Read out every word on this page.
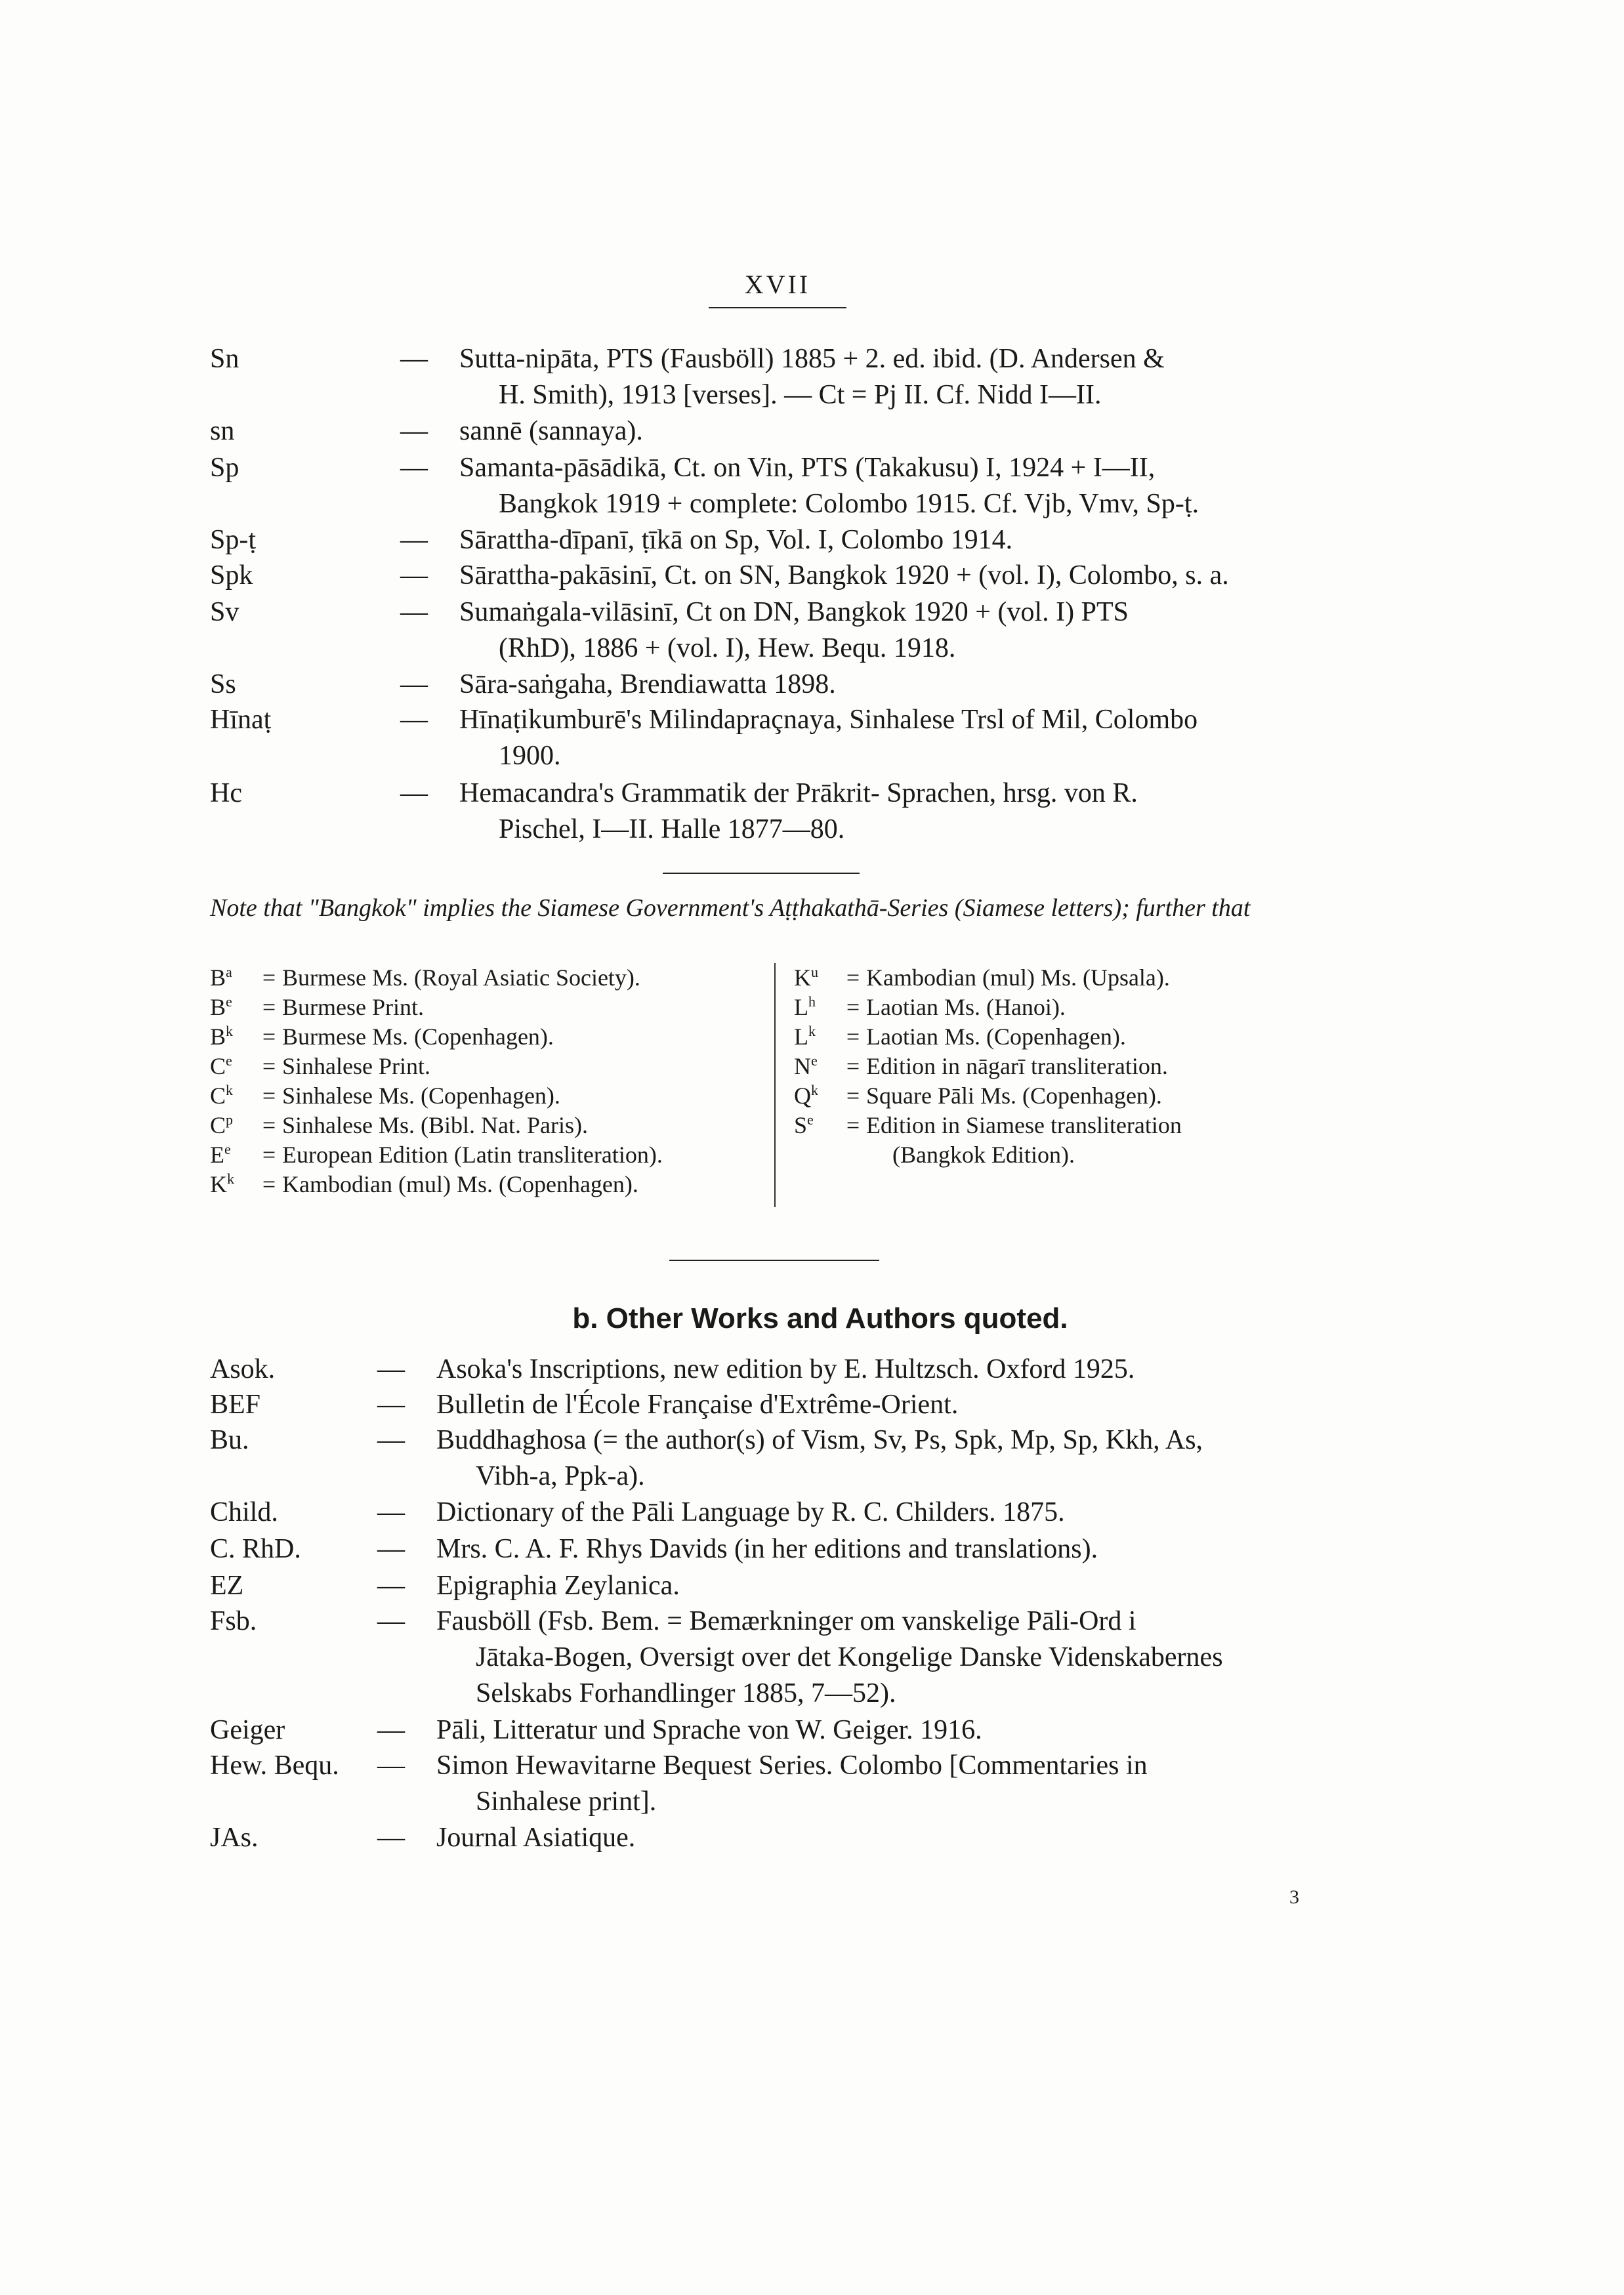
XVII
Sn	— Sutta-nipāta, PTS (Fausböll) 1885 + 2. ed. ibid. (D. Andersen &
H. Smith), 1913 [verses]. — Ct = Pj II. Cf. Nidd I—II.
sn	— sannē (sannaya).
Sp	— Samanta-pāsādikā, Ct. on Vin, PTS (Takakusu) I, 1924 + I—II,
Bangkok 1919 + complete: Colombo 1915. Cf. Vjb, Vmv, Sp-ṭ.
Sp-ṭ	— Sārattha-dīpanī, ṭīkā on Sp, Vol. I, Colombo 1914.
Spk	— Sārattha-pakāsinī, Ct. on SN, Bangkok 1920 + (vol. I), Colombo, s. a.
Sv	— Sumaṅgala-vilāsinī, Ct on DN, Bangkok 1920 + (vol. I) PTS
(RhD), 1886 + (vol. I), Hew. Bequ. 1918.
Ss	— Sāra-saṅgaha, Brendiawatta 1898.
Hīnaṭ	— Hīnaṭikumburē's Milindapraçnaya, Sinhalese Trsl of Mil, Colombo
1900.
Hc	— Hemacandra's Grammatik der Prākrit- Sprachen, hrsg. von R.
Pischel, I—II. Halle 1877—80.
Note that "Bangkok" implies the Siamese Government's Aṭṭhakathā-Series (Siamese letters); further that
$B^a$ = Burmese Ms. (Royal Asiatic Society).
$B^e$ = Burmese Print.
$B^k$ = Burmese Ms. (Copenhagen).
$C^e$ = Sinhalese Print.
$C^k$ = Sinhalese Ms. (Copenhagen).
$C^p$ = Sinhalese Ms. (Bibl. Nat. Paris).
$E^e$ = European Edition (Latin transliteration).
$K^k$ = Kambodian (mul) Ms. (Copenhagen).
$K^u$ = Kambodian (mul) Ms. (Upsala).
$L^h$ = Laotian Ms. (Hanoi).
$L^k$ = Laotian Ms. (Copenhagen).
$N^e$ = Edition in nāgarī transliteration.
$Q^k$ = Square Pāli Ms. (Copenhagen).
$S^e$ = Edition in Siamese transliteration
(Bangkok Edition).
b. Other Works and Authors quoted.
Asok.	— Asoka's Inscriptions, new edition by E. Hultzsch. Oxford 1925.
BEF	— Bulletin de l'École Française d'Extrême-Orient.
Bu.	— Buddhaghosa (= the author(s) of Vism, Sv, Ps, Spk, Mp, Sp, Kkh, As,
Vibh-a, Ppk-a).
Child.	— Dictionary of the Pāli Language by R. C. Childers. 1875.
C. RhD.	— Mrs. C. A. F. Rhys Davids (in her editions and translations).
EZ	— Epigraphia Zeylanica.
Fsb.	— Fausböll (Fsb. Bem. = Bemærkninger om vanskelige Pāli-Ord i
Jātaka-Bogen, Oversigt over det Kongelige Danske Videnskabernes
Selskabs Forhandlinger 1885, 7—52).
Geiger	— Pāli, Litteratur und Sprache von W. Geiger. 1916.
Hew. Bequ. — Simon Hewavitarne Bequest Series. Colombo [Commentaries in
Sinhalese print].
JAs.	— Journal Asiatique.
3
